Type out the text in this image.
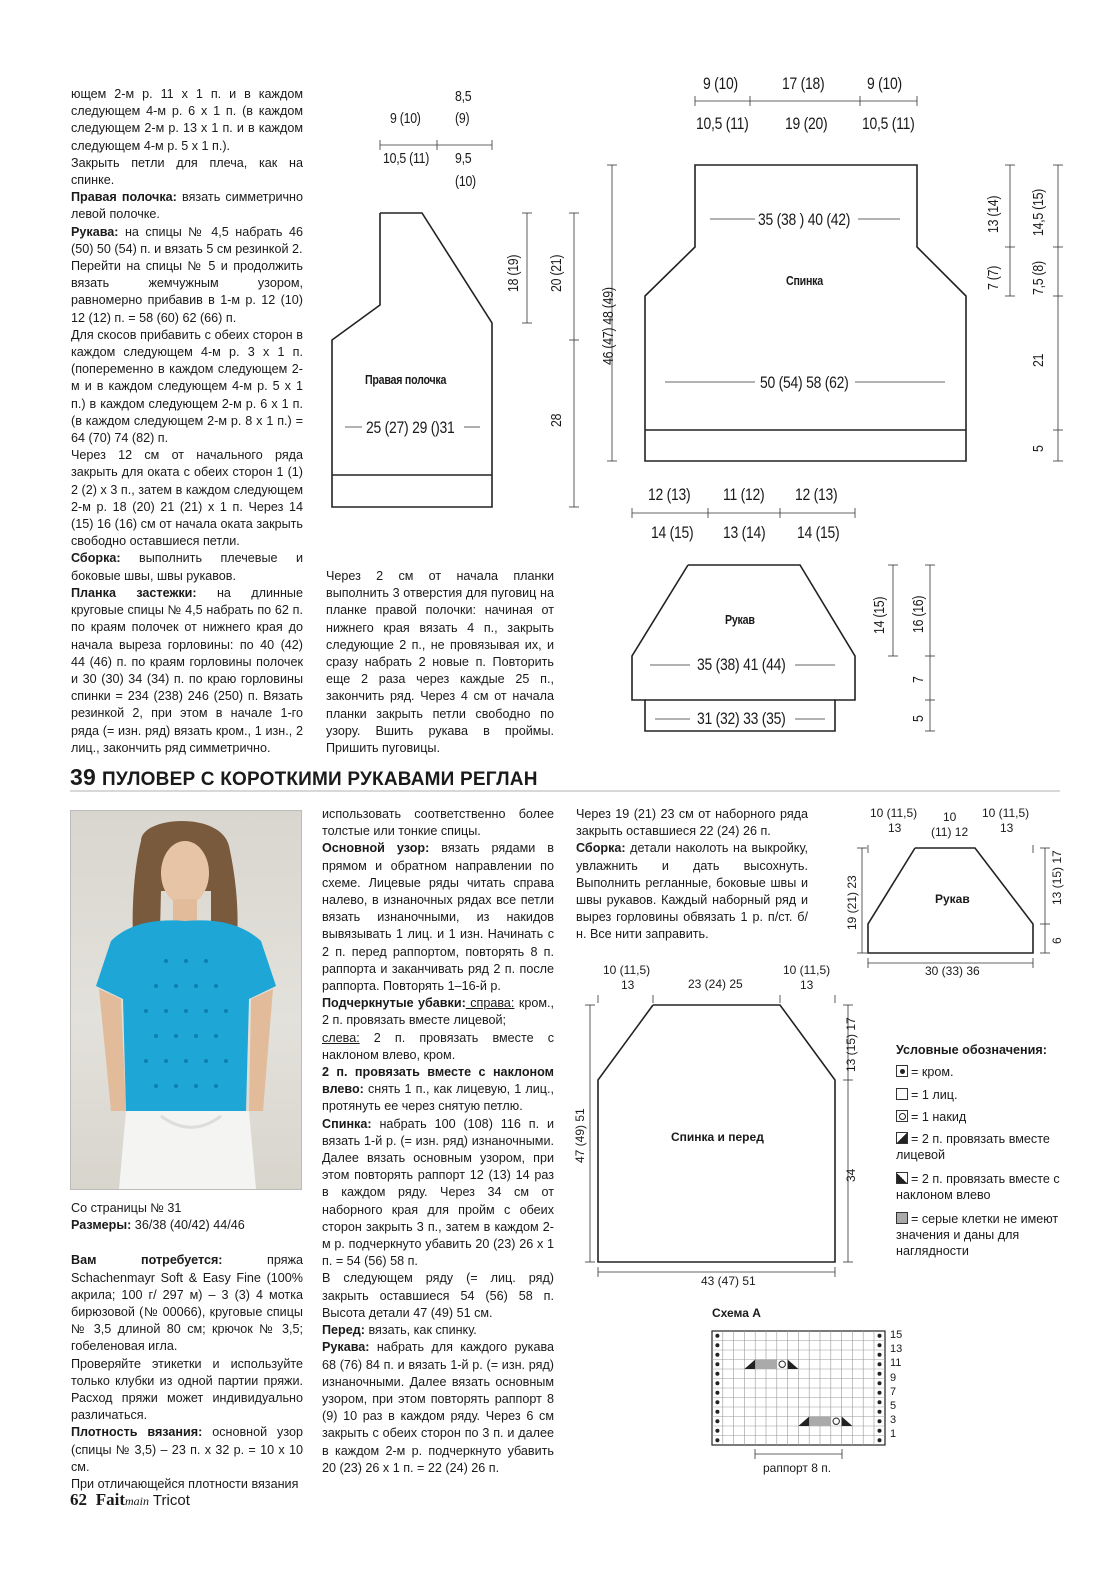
ющем 2-м р. 11 х 1 п. и в каждом следующем 4-м р. 6 х 1 п. (в каждом следующем 2-м р. 13 х 1 п. и в каждом следующем 4-м р. 5 х 1 п.).

Закрыть петли для плеча, как на спинке.

Правая полочка: вязать симметрично левой полочке.

Рукава: на спицы № 4,5 набрать 46 (50) 50 (54) п. и вязать 5 см резинкой 2.

Перейти на спицы № 5 и продолжить вязать жемчужным узором, равномерно прибавив в 1-м р. 12 (10) 12 (12) п. = 58 (60) 62 (66) п.

Для скосов прибавить с обеих сторон в каждом следующем 4-м р. 3 х 1 п. (попеременно в каждом следующем 2-м и в каждом следующем 4-м р. 5 х 1 п.) в каждом следующем 2-м р. 6 х 1 п. (в каждом следующем 2-м р. 8 х 1 п.) = 64 (70) 74 (82) п.

Через 12 см от начального ряда закрыть для оката с обеих сторон 1 (1) 2 (2) х 3 п., затем в каждом следующем 2-м р. 18 (20) 21 (21) х 1 п. Через 14 (15) 16 (16) см от начала оката закрыть свободно оставшиеся петли.

Сборка: выполнить плечевые и боковые швы, швы рукавов.

Планка застежки: на длинные круговые спицы № 4,5 набрать по 62 п. по краям полочек от нижнего края до начала выреза горловины: по 40 (42) 44 (46) п. по краям горловины полочек и 30 (30) 34 (34) п. по краю горловины спинки = 234 (238) 246 (250) п. Вязать резинкой 2, при этом в начале 1-го ряда (= изн. ряд) вязать кром., 1 изн., 2 лиц., закончить ряд симметрично.

Через 2 см от начала планки выполнить 3 отверстия для пуговиц на планке правой полочки: начиная от нижнего края вязать 4 п., закрыть следующие 2 п., не провязывая их, и сразу набрать 2 новые п. Повторить еще 2 раза через каждые 25 п., закончить ряд. Через 4 см от начала планки закрыть петли свободно по узору. Вшить рукава в проймы. Пришить пуговицы.

9 (10)
8,5
(9)
10,5 (11) 9,5
(10)
Правая полочка
25 (27) 29 ()31
18 (19) 20 (21)
46 (47) 48 (49)
28
9 (10)	17 (18)	9 (10)
10,5 (11) 19 (20) 10,5 (11)
35 (38 ) 40 (42)
Спинка
50 (54) 58 (62)
13 (14) 14,5 (15)
7 (7) 7,5 (8)
21
5
12 (13) 11 (12) 12 (13)
14 (15) 13 (14) 14 (15)
Рукав
35 (38) 41 (44)
31 (32) 33 (35)
14 (15) 16 (16)
7
5
39 ПУЛОВЕР С КОРОТКИМИ РУКАВАМИ РЕГЛАН

Со страницы № 31

Размеры: 36/38 (40/42) 44/46

Вам потребуется: пряжа Schachenmayr Soft & Easy Fine (100% акрила; 100 г/ 297 м) – 3 (3) 4 мотка бирюзовой (№ 00066), круговые спицы № 3,5 длиной 80 см; крючок № 3,5; гобеленовая игла.

Проверяйте этикетки и используйте только клубки из одной партии пряжи. Расход пряжи может индивидуально различаться.

Плотность вязания: основной узор (спицы № 3,5) – 23 п. х 32 р. = 10 х 10 см.

При отличающейся плотности вязания

использовать соответственно более толстые или тонкие спицы.

Основной узор: вязать рядами в прямом и обратном направлении по схеме. Лицевые ряды читать справа налево, в изнаночных рядах все петли вязать изнаночными, из накидов вывязывать 1 лиц. и 1 изн. Начинать с 2 п. перед раппортом, повторять 8 п. раппорта и заканчивать ряд 2 п. после раппорта. Повторять 1–16-й р.

Подчеркнутые убавки: справа: кром., 2 п. провязать вместе лицевой;

слева: 2 п. провязать вместе с наклоном влево, кром.

2 п. провязать вместе с наклоном влево: снять 1 п., как лицевую, 1 лиц., протянуть ее через снятую петлю.

Спинка: набрать 100 (108) 116 п. и вязать 1-й р. (= изн. ряд) изнаночными. Далее вязать основным узором, при этом повторять раппорт 12 (13) 14 раз в каждом ряду. Через 34 см от наборного края для пройм с обеих сторон закрыть 3 п., затем в каждом 2-м р. подчеркнуто убавить 20 (23) 26 х 1 п. = 54 (56) 58 п.

В следующем ряду (= лиц. ряд) закрыть оставшиеся 54 (56) 58 п. Высота детали 47 (49) 51 см.

Перед: вязать, как спинку.

Рукава: набрать для каждого рукава 68 (76) 84 п. и вязать 1-й р. (= изн. ряд) изнаночными. Далее вязать основным узором, при этом повторять раппорт 8 (9) 10 раз в каждом ряду. Через 6 см закрыть с обеих сторон по 3 п. и далее в каждом 2-м р. подчеркнуто убавить 20 (23) 26 х 1 п. = 22 (24) 26 п.

Через 19 (21) 23 см от наборного ряда закрыть оставшиеся 22 (24) 26 п.

Сборка: детали наколоть на выкройку, увлажнить и дать высохнуть. Выполнить регланные, боковые швы и швы рукавов. Каждый наборный ряд и вырез горловины обвязать 1 р. п/ст. б/н. Все нити заправить.

10 (11,5)
13
10
(11) 12
10 (11,5)
13
Рукав
30 (33) 36
19 (21) 23	13 (15) 17
6
10 (11,5)
13	23 (24) 25
10 (11,5)
13
Спинка и перед
43 (47) 51
47 (49) 51
13 (15) 17
34
Условные обозначения:
= кром.
= 1 лиц.
= 1 накид
= 2 п. провязать вместе лицевой
= 2 п. провязать вместе с наклоном влево
= серые клетки не имеют значения и даны для наглядности
Схема А
15
13
11
9
7
5
3
1
раппорт 8 п.
62 Faitmain Tricot
